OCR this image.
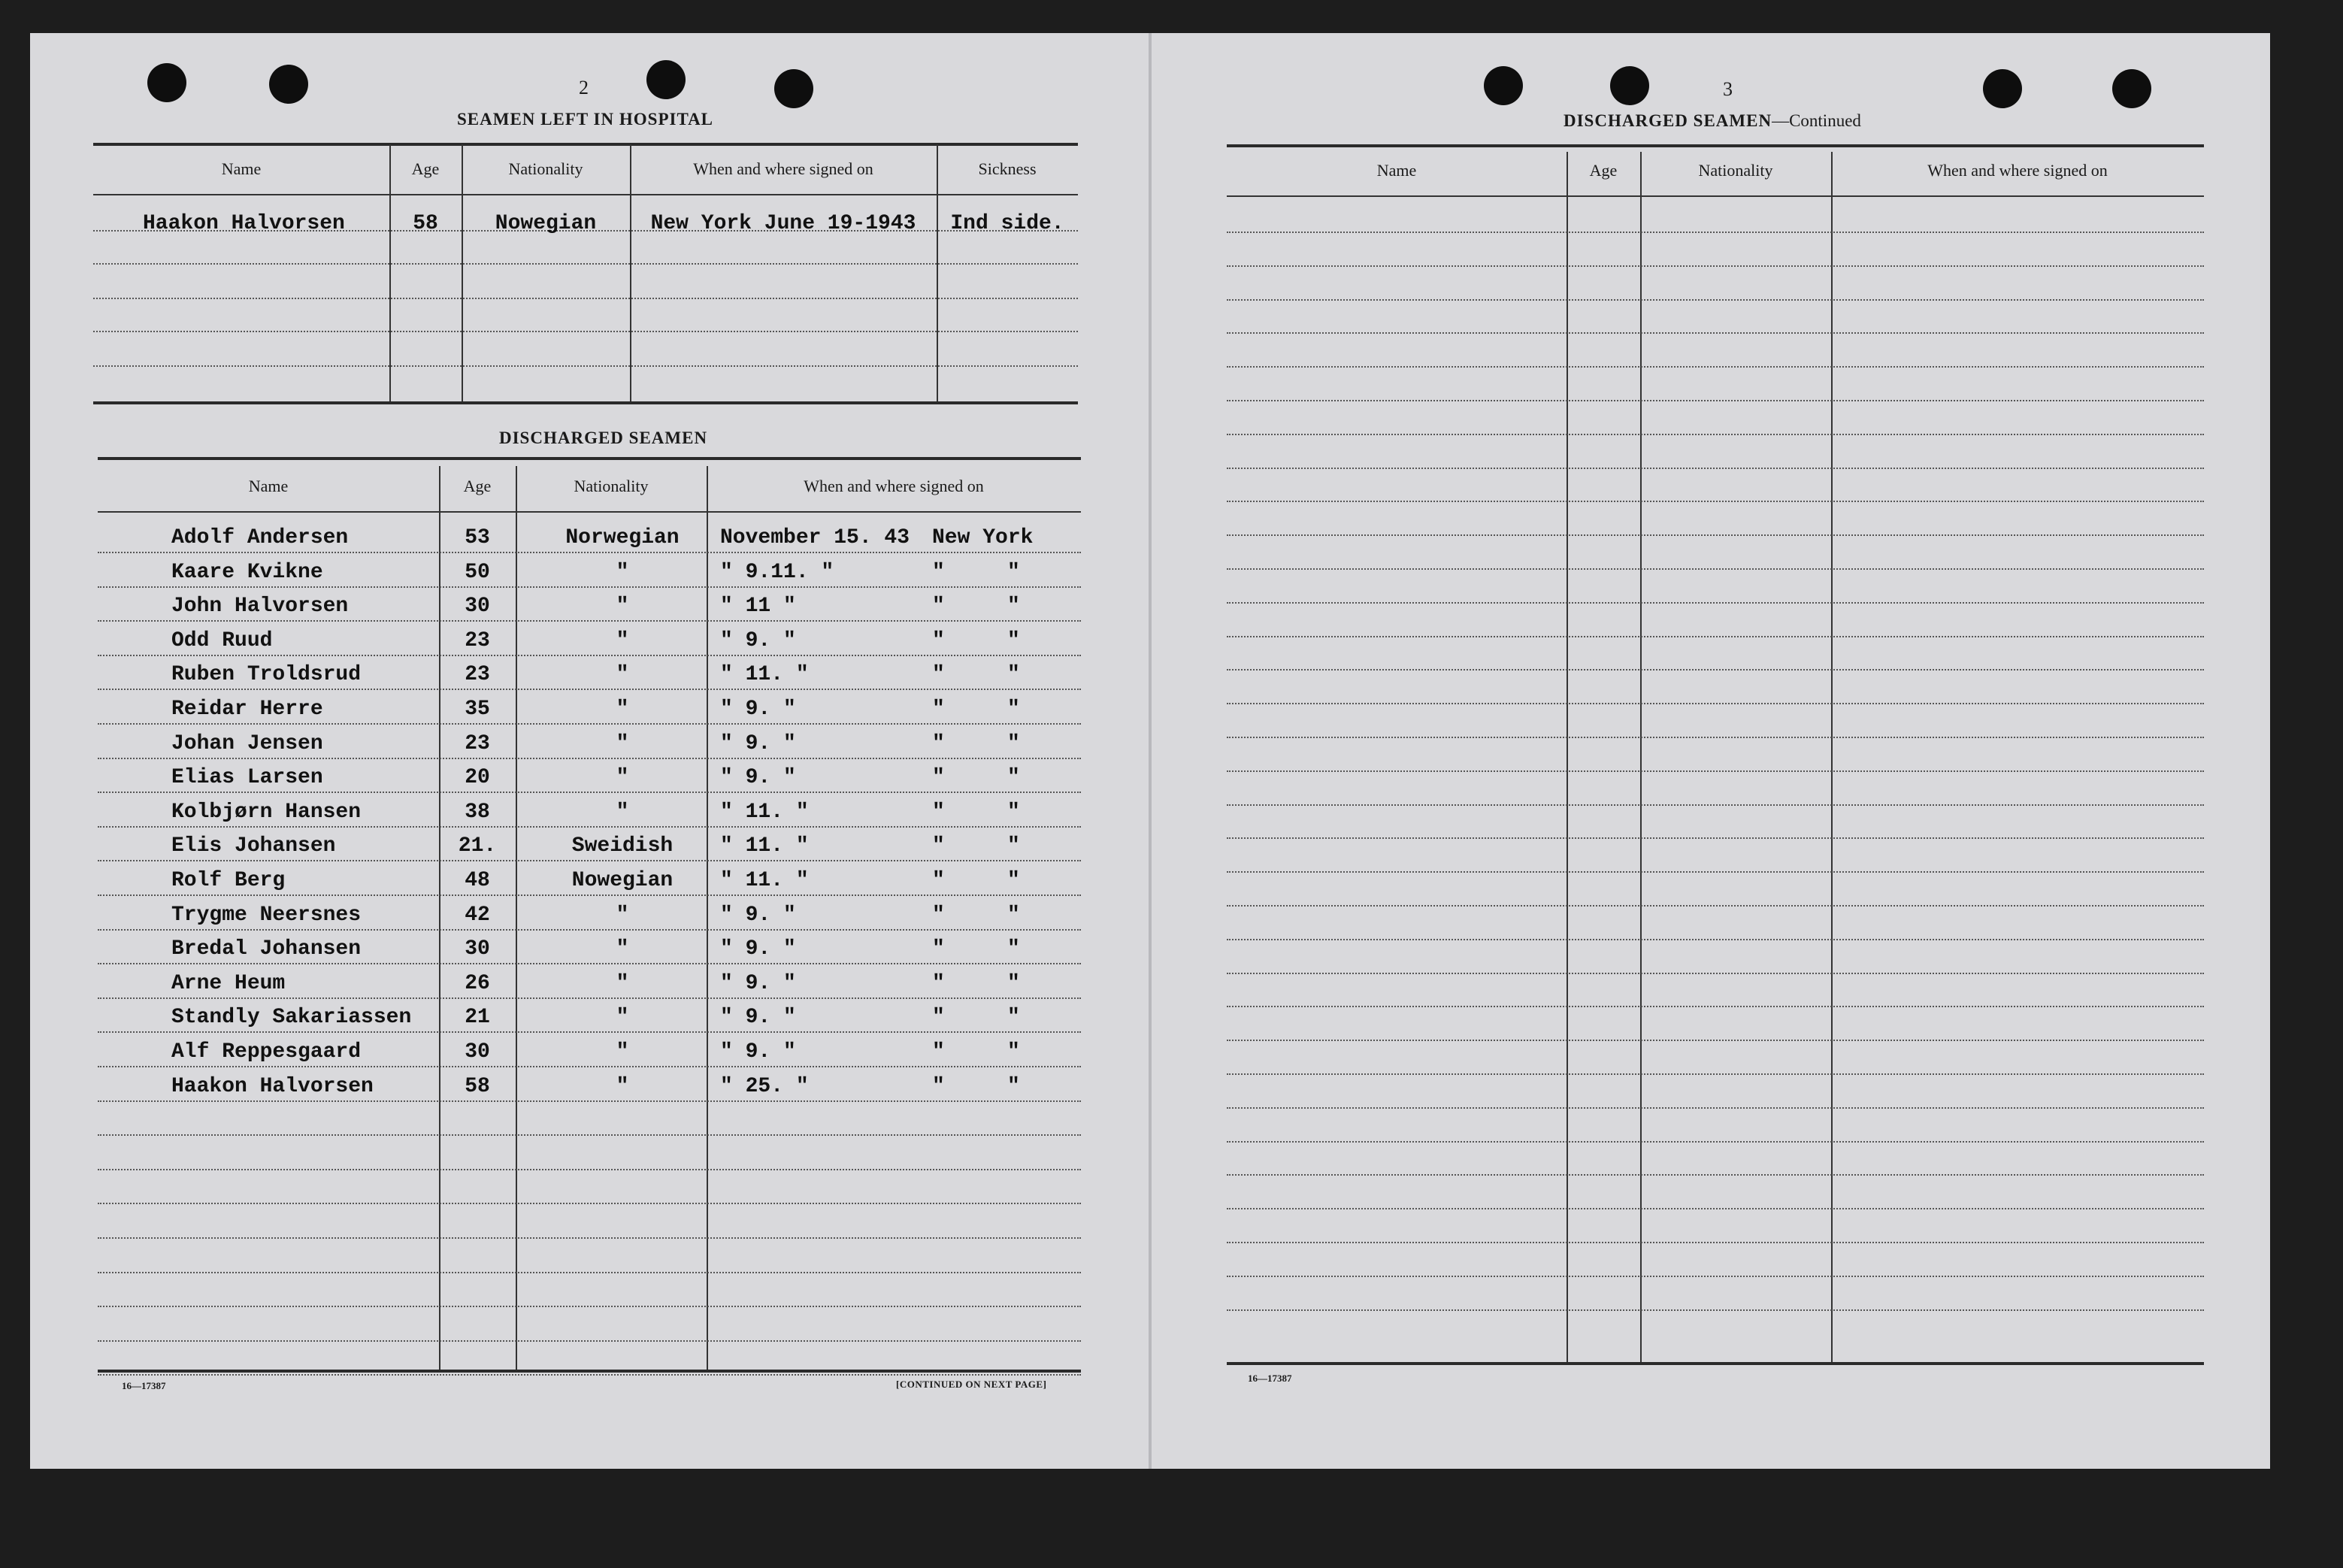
2
SEAMEN LEFT IN HOSPITAL
Name	Age	Nationality	When and where signed on	Sickness
Haakon Halvorsen	58	Nowegian	New York June 19-1943	Ind side.
DISCHARGED SEAMEN
Name	Age	Nationality	When and where signed on
Adolf Andersen	53	Norwegian	November 15. 43 New York
Kaare Kvikne	50	"	" 9.11. "	"	"
John Halvorsen	30	"	" 11 "	"	"
Odd Ruud	23	"	" 9. "	"	"
Ruben Troldsrud	23	"	" 11. "	"	"
Reidar Herre	35	"	" 9. "	"	"
Johan Jensen	23	"	" 9. "	"	"
Elias Larsen	20	"	" 9. "	"	"
Kolbjørn Hansen	38	"	" 11. "	"	"
Elis Johansen	21.	Sweidish	" 11. "	"	"
Rolf Berg	48	Nowegian	" 11. "	"	"
Trygme Neersnes	42	"	" 9. "	"	"
Bredal Johansen	30	"	" 9. "	"	"
Arne Heum	26	"	" 9. "	"	"
Standly Sakariassen	21	"	" 9. "	"	"
Alf Reppesgaard	30	"	" 9. "	"	"
Haakon Halvorsen	58	"	" 25. "	"	"
16—17387	[CONTINUED ON NEXT PAGE]
3
DISCHARGED SEAMEN—Continued
Name	Age	Nationality	When and where signed on
16—17387
